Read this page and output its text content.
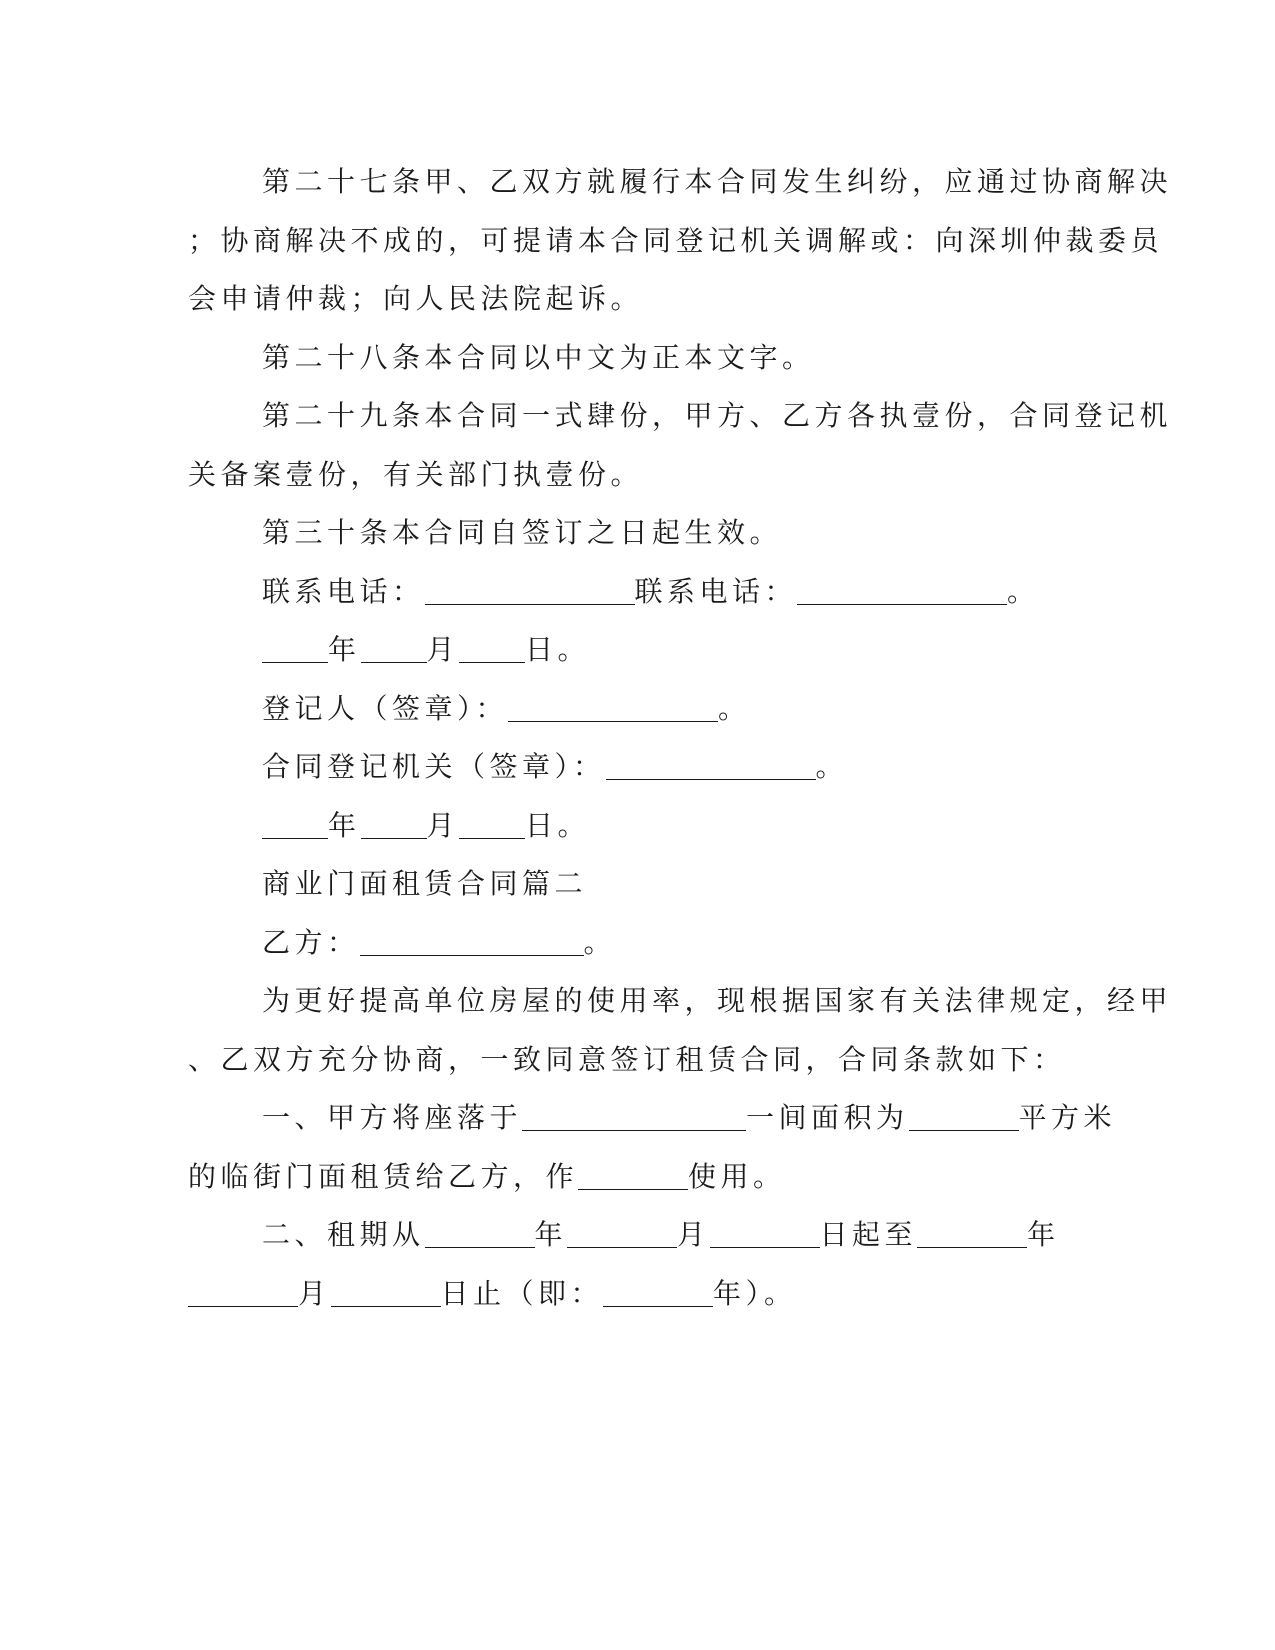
第二十七条甲、乙双方就履行本合同发生纠纷，应通过协商解决
；协商解决不成的，可提请本合同登记机关调解或：向深圳仲裁委员
会申请仲裁；向人民法院起诉。
第二十八条本合同以中文为正本文字。
第二十九条本合同一式肆份，甲方、乙方各执壹份，合同登记机
关备案壹份，有关部门执壹份。
第三十条本合同自签订之日起生效。
联系电话：	联系电话：	。
年 月 日。
登记人（签章）：	。
合同登记机关（签章）：	。
年 月 日。
商业门面租赁合同篇二
乙方：	。
为更好提高单位房屋的使用率，现根据国家有关法律规定，经甲
、乙双方充分协商，一致同意签订租赁合同，合同条款如下：
一、甲方将座落于	一间面积为	平方米
的临街门面租赁给乙方，作	使用。
二、租期从	年	月	日起至	年
月	日止（即：	年）。
